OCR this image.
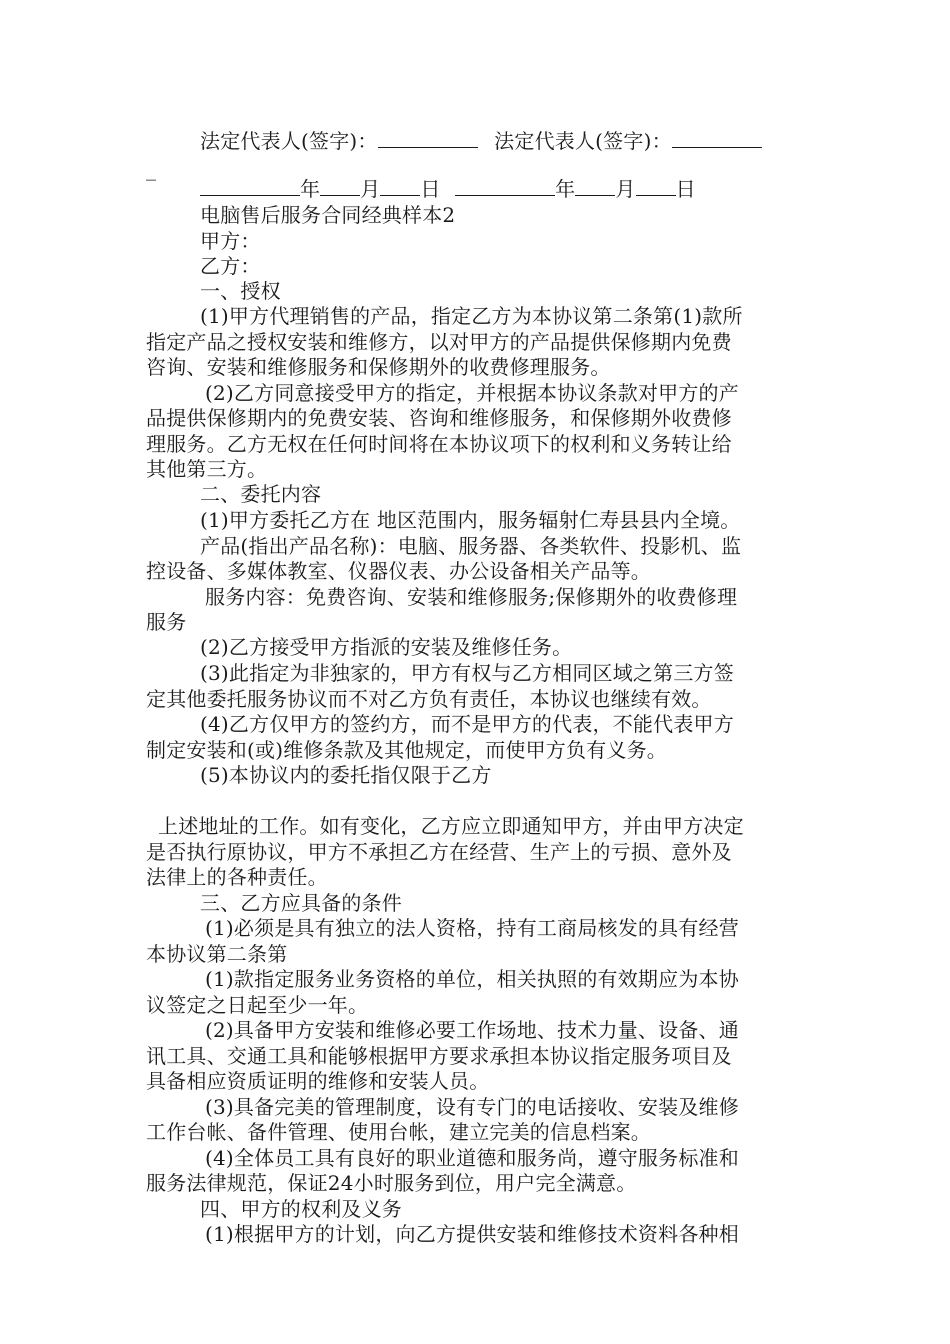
法定代表人(签字)：	法定代表人(签字)：
_
年 月 日	年 月 日
电脑售后服务合同经典样本2
甲方：
乙方：
一、授权
(1)甲方代理销售的产品，指定乙方为本协议第二条第(1)款所
指定产品之授权安装和维修方，以对甲方的产品提供保修期内免费
咨询、安装和维修服务和保修期外的收费修理服务。
(2)乙方同意接受甲方的指定，并根据本协议条款对甲方的产
品提供保修期内的免费安装、咨询和维修服务，和保修期外收费修
理服务。乙方无权在任何时间将在本协议项下的权利和义务转让给
其他第三方。
二、委托内容
(1)甲方委托乙方在 地区范围内，服务辐射仁寿县县内全境。
产品(指出产品名称)：电脑、服务器、各类软件、投影机、监
控设备、多媒体教室、仪器仪表、办公设备相关产品等。
服务内容：免费咨询、安装和维修服务;保修期外的收费修理
服务
(2)乙方接受甲方指派的安装及维修任务。
(3)此指定为非独家的，甲方有权与乙方相同区域之第三方签
定其他委托服务协议而不对乙方负有责任，本协议也继续有效。
(4)乙方仅甲方的签约方，而不是甲方的代表，不能代表甲方
制定安装和(或)维修条款及其他规定，而使甲方负有义务。
(5)本协议内的委托指仅限于乙方
上述地址的工作。如有变化，乙方应立即通知甲方，并由甲方决定
是否执行原协议，甲方不承担乙方在经营、生产上的亏损、意外及
法律上的各种责任。
三、乙方应具备的条件
(1)必须是具有独立的法人资格，持有工商局核发的具有经营
本协议第二条第
(1)款指定服务业务资格的单位，相关执照的有效期应为本协
议签定之日起至少一年。
(2)具备甲方安装和维修必要工作场地、技术力量、设备、通
讯工具、交通工具和能够根据甲方要求承担本协议指定服务项目及
具备相应资质证明的维修和安装人员。
(3)具备完美的管理制度，设有专门的电话接收、安装及维修
工作台帐、备件管理、使用台帐，建立完美的信息档案。
(4)全体员工具有良好的职业道德和服务尚，遵守服务标准和
服务法律规范，保证24小时服务到位，用户完全满意。
四、甲方的权利及义务
(1)根据甲方的计划，向乙方提供安装和维修技术资料各种相
